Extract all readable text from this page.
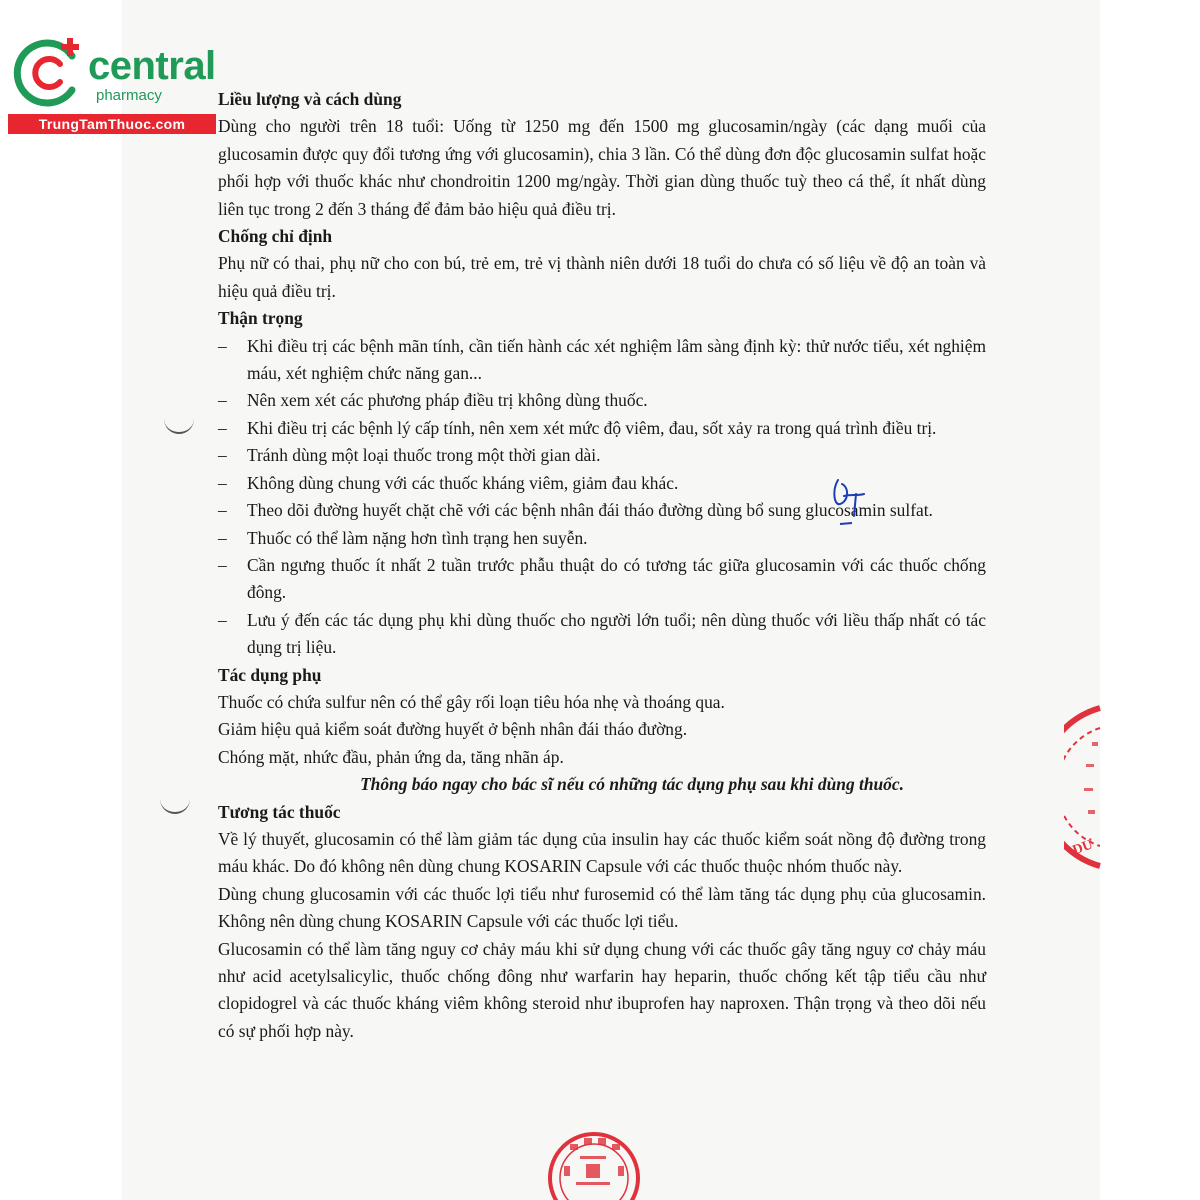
central
pharmacy
TrungTamThuoc.com
Liều lượng và cách dùng

Dùng cho người trên 18 tuổi: Uống từ 1250 mg đến 1500 mg glucosamin/ngày (các dạng muối của glucosamin được quy đổi tương ứng với glucosamin), chia 3 lần. Có thể dùng đơn độc glucosamin sulfat hoặc phối hợp với thuốc khác như chondroitin 1200 mg/ngày. Thời gian dùng thuốc tuỳ theo cá thể, ít nhất dùng liên tục trong 2 đến 3 tháng để đảm bảo hiệu quả điều trị.

Chống chỉ định

Phụ nữ có thai, phụ nữ cho con bú, trẻ em, trẻ vị thành niên dưới 18 tuổi do chưa có số liệu về độ an toàn và hiệu quả điều trị.

Thận trọng
– Khi điều trị các bệnh mãn tính, cần tiến hành các xét nghiệm lâm sàng định kỳ: thử nước tiểu, xét nghiệm máu, xét nghiệm chức năng gan...
– Nên xem xét các phương pháp điều trị không dùng thuốc.
– Khi điều trị các bệnh lý cấp tính, nên xem xét mức độ viêm, đau, sốt xảy ra trong quá trình điều trị.
– Tránh dùng một loại thuốc trong một thời gian dài.
– Không dùng chung với các thuốc kháng viêm, giảm đau khác.
– Theo dõi đường huyết chặt chẽ với các bệnh nhân đái tháo đường dùng bổ sung glucosamin sulfat.
– Thuốc có thể làm nặng hơn tình trạng hen suyễn.
– Cần ngưng thuốc ít nhất 2 tuần trước phẫu thuật do có tương tác giữa glucosamin với các thuốc chống đông.
– Lưu ý đến các tác dụng phụ khi dùng thuốc cho người lớn tuổi; nên dùng thuốc với liều thấp nhất có tác dụng trị liệu.
Tác dụng phụ

Thuốc có chứa sulfur nên có thể gây rối loạn tiêu hóa nhẹ và thoáng qua.

Giảm hiệu quả kiểm soát đường huyết ở bệnh nhân đái tháo đường.

Chóng mặt, nhức đầu, phản ứng da, tăng nhãn áp.

Thông báo ngay cho bác sĩ nếu có những tác dụng phụ sau khi dùng thuốc.

Tương tác thuốc

Về lý thuyết, glucosamin có thể làm giảm tác dụng của insulin hay các thuốc kiểm soát nồng độ đường trong máu khác. Do đó không nên dùng chung KOSARIN Capsule với các thuốc thuộc nhóm thuốc này.

Dùng chung glucosamin với các thuốc lợi tiểu như furosemid có thể làm tăng tác dụng phụ của glucosamin. Không nên dùng chung KOSARIN Capsule với các thuốc lợi tiểu.

Glucosamin có thể làm tăng nguy cơ chảy máu khi sử dụng chung với các thuốc gây tăng nguy cơ chảy máu như acid acetylsalicylic, thuốc chống đông như warfarin hay heparin, thuốc chống kết tập tiểu cầu như clopidogrel và các thuốc kháng viêm không steroid như ibuprofen hay naproxen. Thận trọng và theo dõi nếu có sự phối hợp này.

DƯ
